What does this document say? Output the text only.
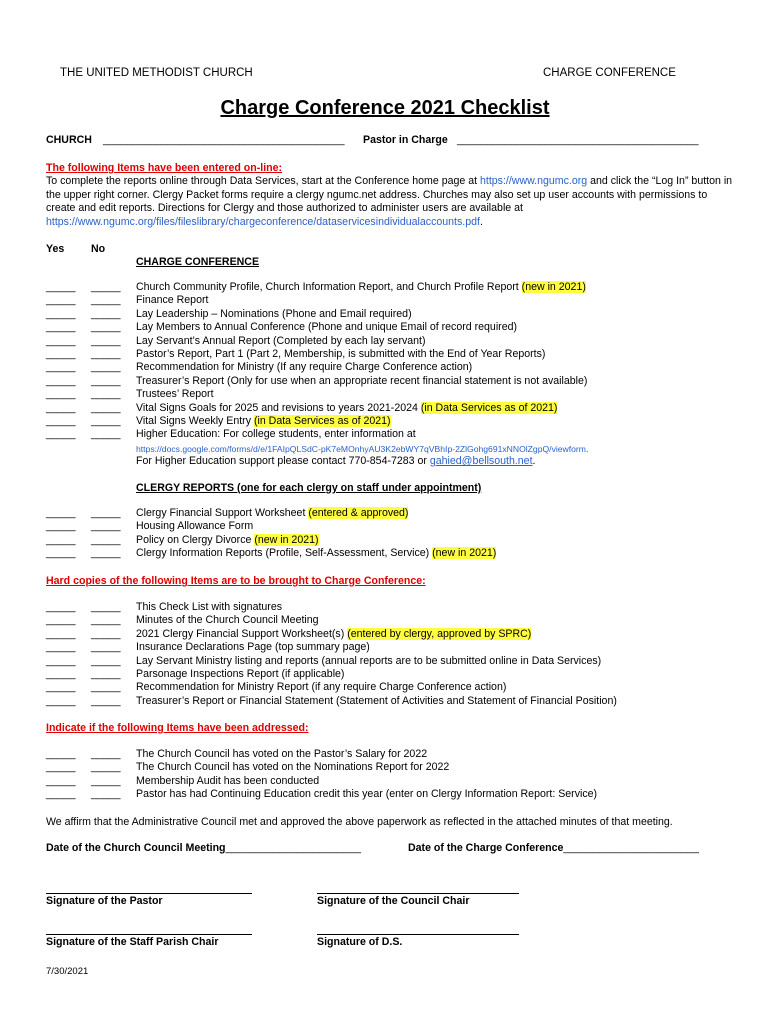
THE UNITED METHODIST CHURCH	CHARGE CONFERENCE
Charge Conference 2021 Checklist
CHURCH _________________________________________ Pastor in Charge _________________________________________
The following Items have been entered on-line:
To complete the reports online through Data Services, start at the Conference home page at https://www.ngumc.org and click the “Log In” button in the upper right corner. Clergy Packet forms require a clergy ngumc.net address. Churches may also set up user accounts with permissions to create and edit reports. Directions for Clergy and those authorized to administer users are available at https://www.ngumc.org/files/fileslibrary/chargeconference/dataservicesindividualaccounts.pdf.
Yes	No
CHARGE CONFERENCE
_____ _____ Church Community Profile, Church Information Report, and Church Profile Report (new in 2021)
_____ _____ Finance Report
_____ _____ Lay Leadership – Nominations (Phone and Email required)
_____ _____ Lay Members to Annual Conference (Phone and unique Email of record required)
_____ _____ Lay Servant’s Annual Report (Completed by each lay servant)
_____ _____ Pastor’s Report, Part 1 (Part 2, Membership, is submitted with the End of Year Reports)
_____ _____ Recommendation for Ministry (If any require Charge Conference action)
_____ _____ Treasurer’s Report (Only for use when an appropriate recent financial statement is not available)
_____ _____ Trustees’ Report
_____ _____ Vital Signs Goals for 2025 and revisions to years 2021-2024 (in Data Services as of 2021)
_____ _____ Vital Signs Weekly Entry (in Data Services as of 2021)
_____ _____ Higher Education: For college students, enter information at
https://docs.google.com/forms/d/e/1FAIpQLSdC-pK7eMOnhyAU3K2ebWY7qVBhIp-2ZlGohg691xNNOlZgpQ/viewform.
For Higher Education support please contact 770-854-7283 or gahied@bellsouth.net.
CLERGY REPORTS (one for each clergy on staff under appointment)
_____ _____ Clergy Financial Support Worksheet (entered & approved)
_____ _____ Housing Allowance Form
_____ _____ Policy on Clergy Divorce (new in 2021)
_____ _____ Clergy Information Reports (Profile, Self-Assessment, Service) (new in 2021)
Hard copies of the following Items are to be brought to Charge Conference:
_____ _____ This Check List with signatures
_____ _____ Minutes of the Church Council Meeting
_____ _____ 2021 Clergy Financial Support Worksheet(s) (entered by clergy, approved by SPRC)
_____ _____ Insurance Declarations Page (top summary page)
_____ _____ Lay Servant Ministry listing and reports (annual reports are to be submitted online in Data Services)
_____ _____ Parsonage Inspections Report (if applicable)
_____ _____ Recommendation for Ministry Report (if any require Charge Conference action)
_____ _____ Treasurer’s Report or Financial Statement (Statement of Activities and Statement of Financial Position)
Indicate if the following Items have been addressed:
_____ _____ The Church Council has voted on the Pastor’s Salary for 2022
_____ _____ The Church Council has voted on the Nominations Report for 2022
_____ _____ Membership Audit has been conducted
_____ _____ Pastor has had Continuing Education credit this year (enter on Clergy Information Report: Service)
We affirm that the Administrative Council met and approved the above paperwork as reflected in the attached minutes of that meeting.
Date of the Church Council Meeting_______________________	Date of the Charge Conference_______________________
Signature of the Pastor	Signature of the Council Chair
Signature of the Staff Parish Chair	Signature of D.S.
7/30/2021
